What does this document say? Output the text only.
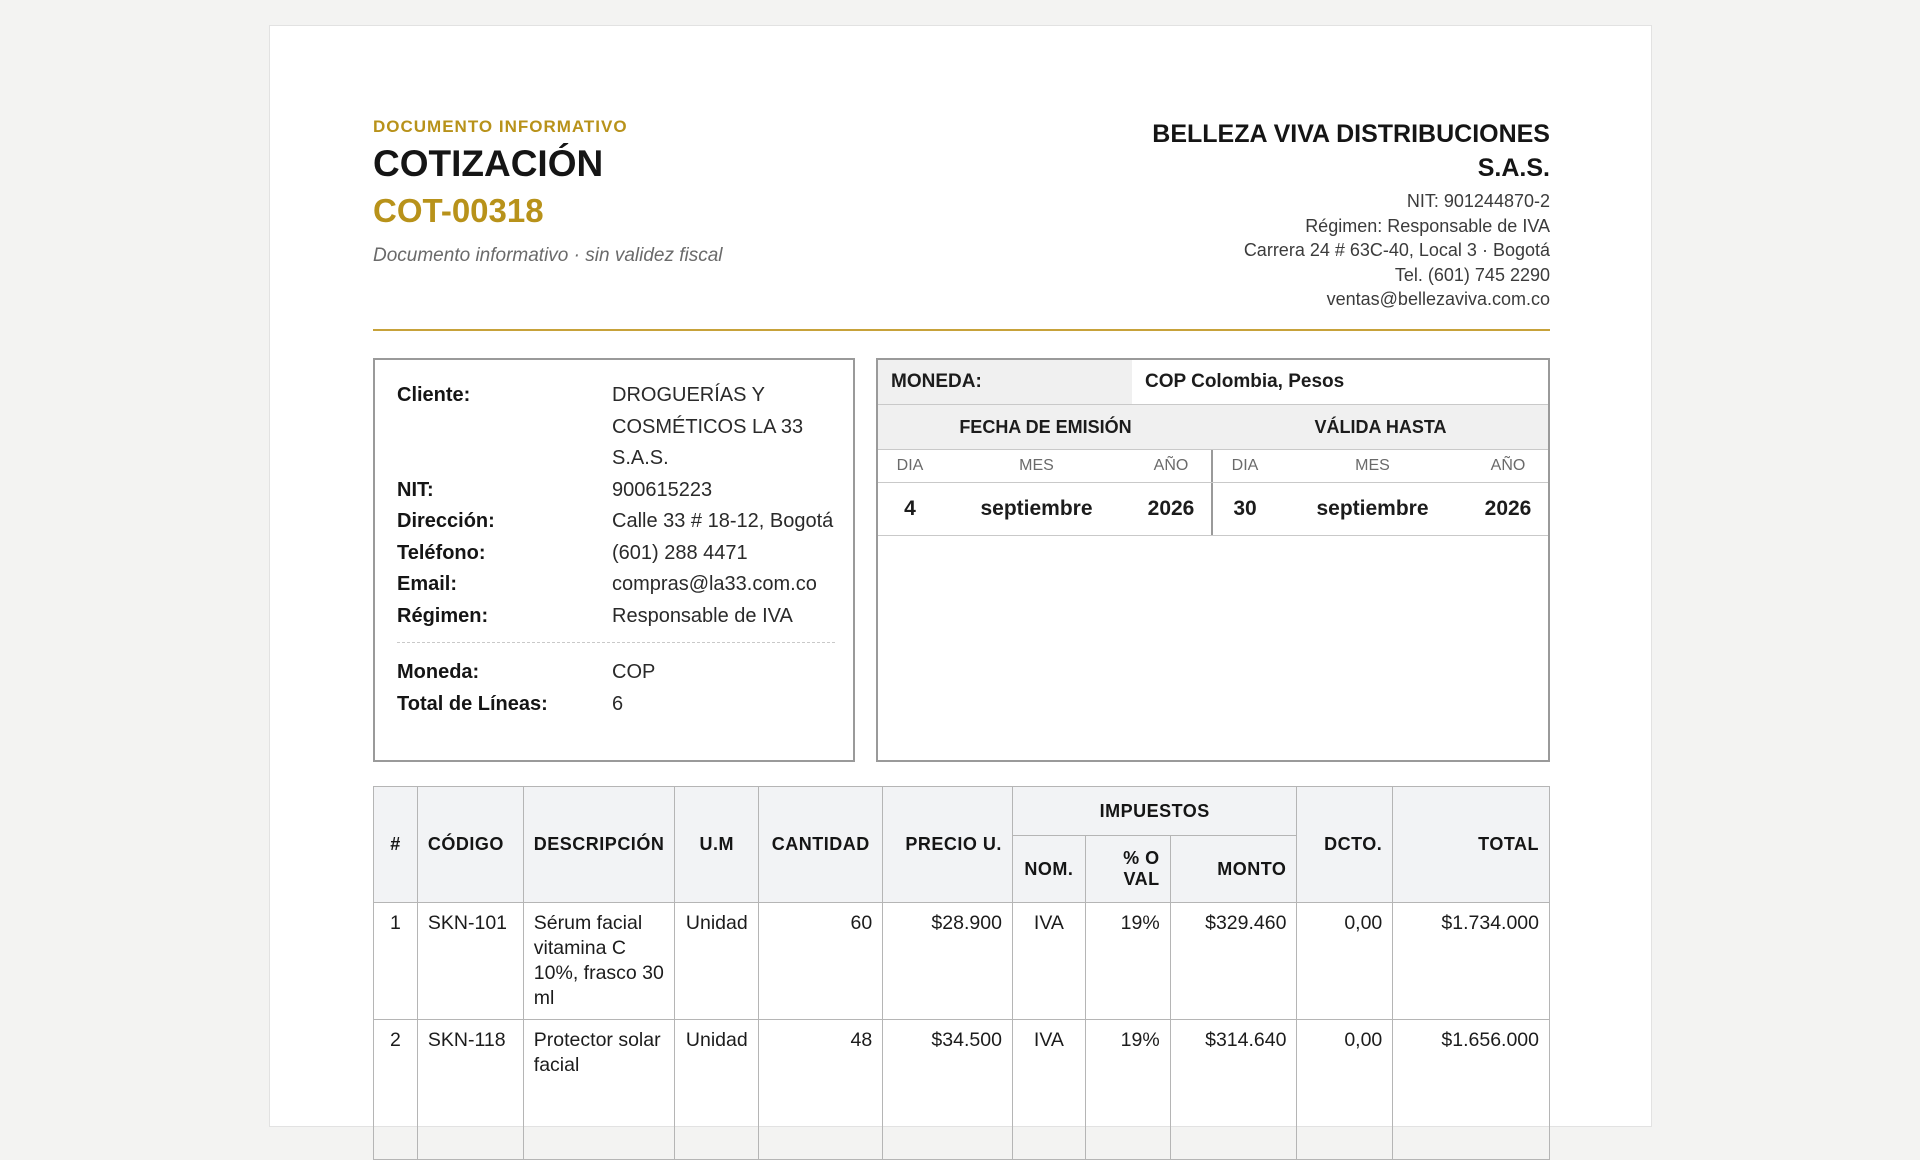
DOCUMENTO INFORMATIVO
COTIZACIÓN
COT-00318
Documento informativo · sin validez fiscal
BELLEZA VIVA DISTRIBUCIONES
S.A.S.
NIT: 901244870-2
Régimen: Responsable de IVA
Carrera 24 # 63C-40, Local 3 · Bogotá
Tel. (601) 745 2290
ventas@bellezaviva.com.co
Cliente:	DROGUERÍAS Y COSMÉTICOS LA 33 S.A.S.
NIT:	900615223
Dirección:	Calle 33 # 18-12, Bogotá
Teléfono:	(601) 288 4471
Email:	compras@la33.com.co
Régimen:	Responsable de IVA
Moneda:	COP
Total de Líneas:	6
MONEDA:	COP Colombia, Pesos
FECHA DE EMISIÓN	VÁLIDA HASTA
DIA	MES	AÑO	DIA	MES	AÑO
4	septiembre	2026	30	septiembre	2026
#	CÓDIGO	DESCRIPCIÓN	U.M	CANTIDAD	PRECIO U.	IMPUESTOS			DCTO.	TOTAL
						NOM.	% O VAL	MONTO		
1	SKN-101	Sérum facial vitamina C 10%, frasco 30 ml	Unidad	60	$28.900	IVA	19%	$329.460	0,00	$1.734.000
2	SKN-118	Protector solar facial	Unidad	48	$34.500	IVA	19%	$314.640	0,00	$1.656.000
